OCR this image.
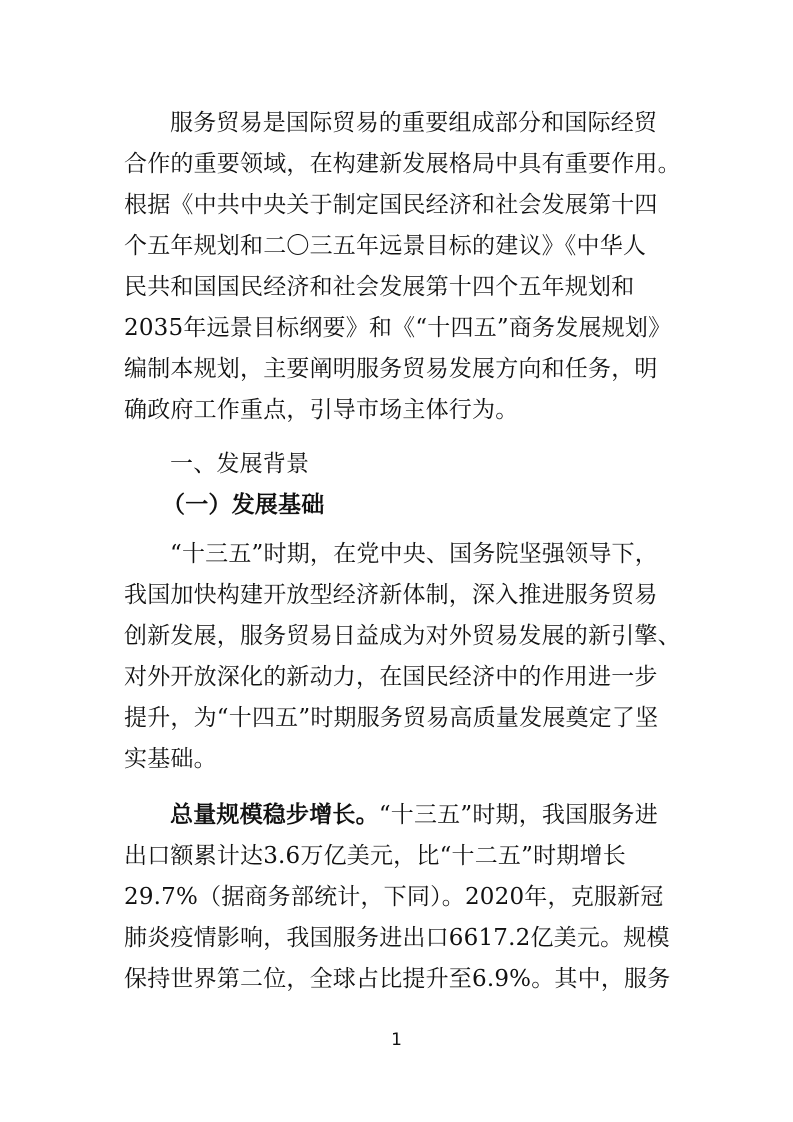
服务贸易是国际贸易的重要组成部分和国际经贸
合作的重要领域，在构建新发展格局中具有重要作用。
根据《中共中央关于制定国民经济和社会发展第十四
个五年规划和二〇三五年远景目标的建议》《中华人
民共和国国民经济和社会发展第十四个五年规划和
2035年远景目标纲要》和《“十四五”商务发展规划》
编制本规划，主要阐明服务贸易发展方向和任务，明
确政府工作重点，引导市场主体行为。
一、发展背景
（一）发展基础
“十三五”时期，在党中央、国务院坚强领导下，
我国加快构建开放型经济新体制，深入推进服务贸易
创新发展，服务贸易日益成为对外贸易发展的新引擎、
对外开放深化的新动力，在国民经济中的作用进一步
提升，为“十四五”时期服务贸易高质量发展奠定了坚
实基础。
总量规模稳步增长。“十三五”时期，我国服务进
出口额累计达3.6万亿美元，比“十二五”时期增长
29.7%（据商务部统计，下同）。2020年，克服新冠
肺炎疫情影响，我国服务进出口6617.2亿美元。规模
保持世界第二位，全球占比提升至6.9%。其中，服务
1
